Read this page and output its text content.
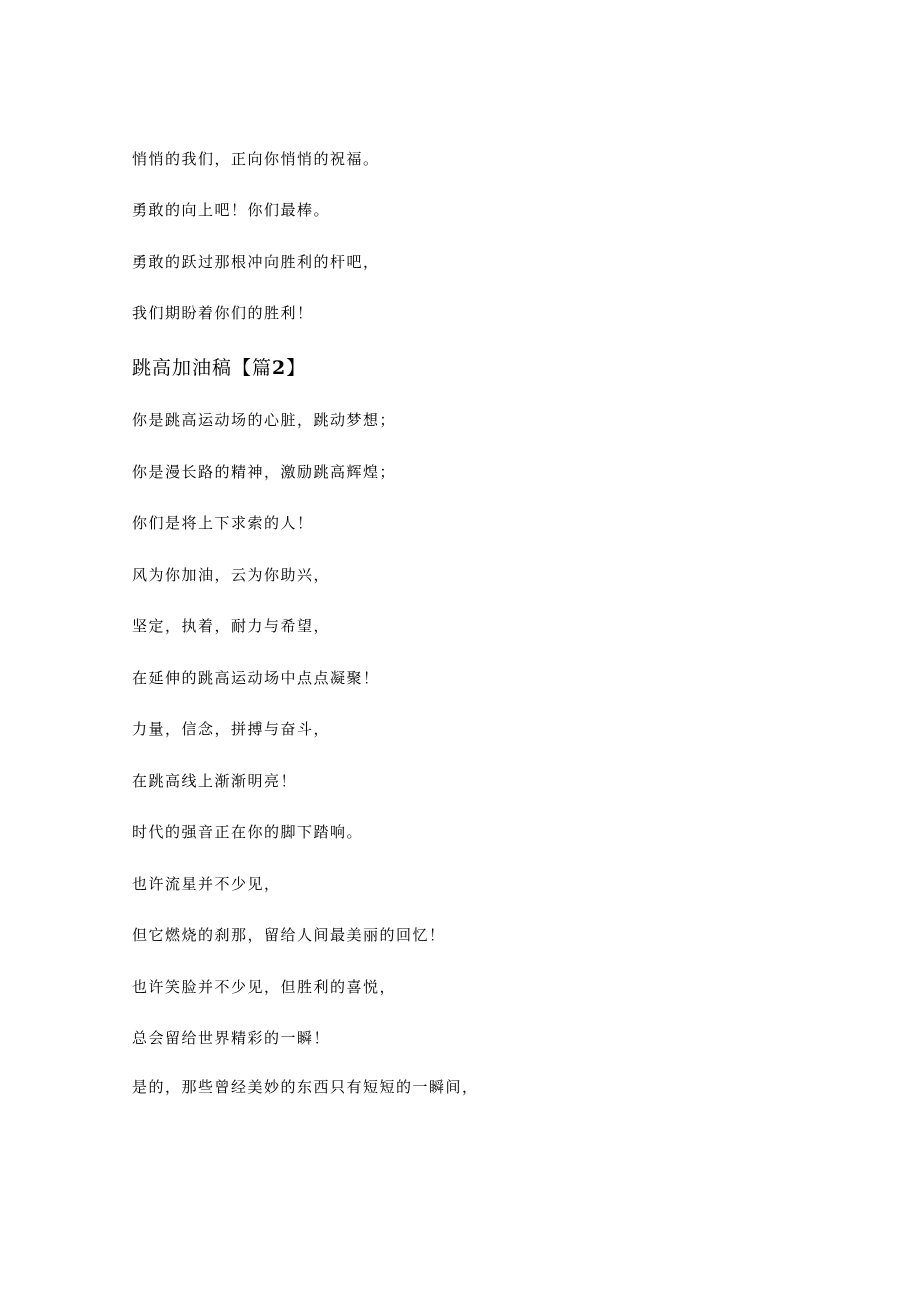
悄悄的我们，正向你悄悄的祝福。
勇敢的向上吧！你们最棒。
勇敢的跃过那根冲向胜利的杆吧，
我们期盼着你们的胜利！
跳高加油稿【篇2】
你是跳高运动场的心脏，跳动梦想；
你是漫长路的精神，激励跳高辉煌；
你们是将上下求索的人！
风为你加油，云为你助兴，
坚定，执着，耐力与希望，
在延伸的跳高运动场中点点凝聚！
力量，信念，拼搏与奋斗，
在跳高线上渐渐明亮！
时代的强音正在你的脚下踏响。
也许流星并不少见，
但它燃烧的刹那，留给人间最美丽的回忆！
也许笑脸并不少见，但胜利的喜悦，
总会留给世界精彩的一瞬！
是的，那些曾经美妙的东西只有短短的一瞬间，
